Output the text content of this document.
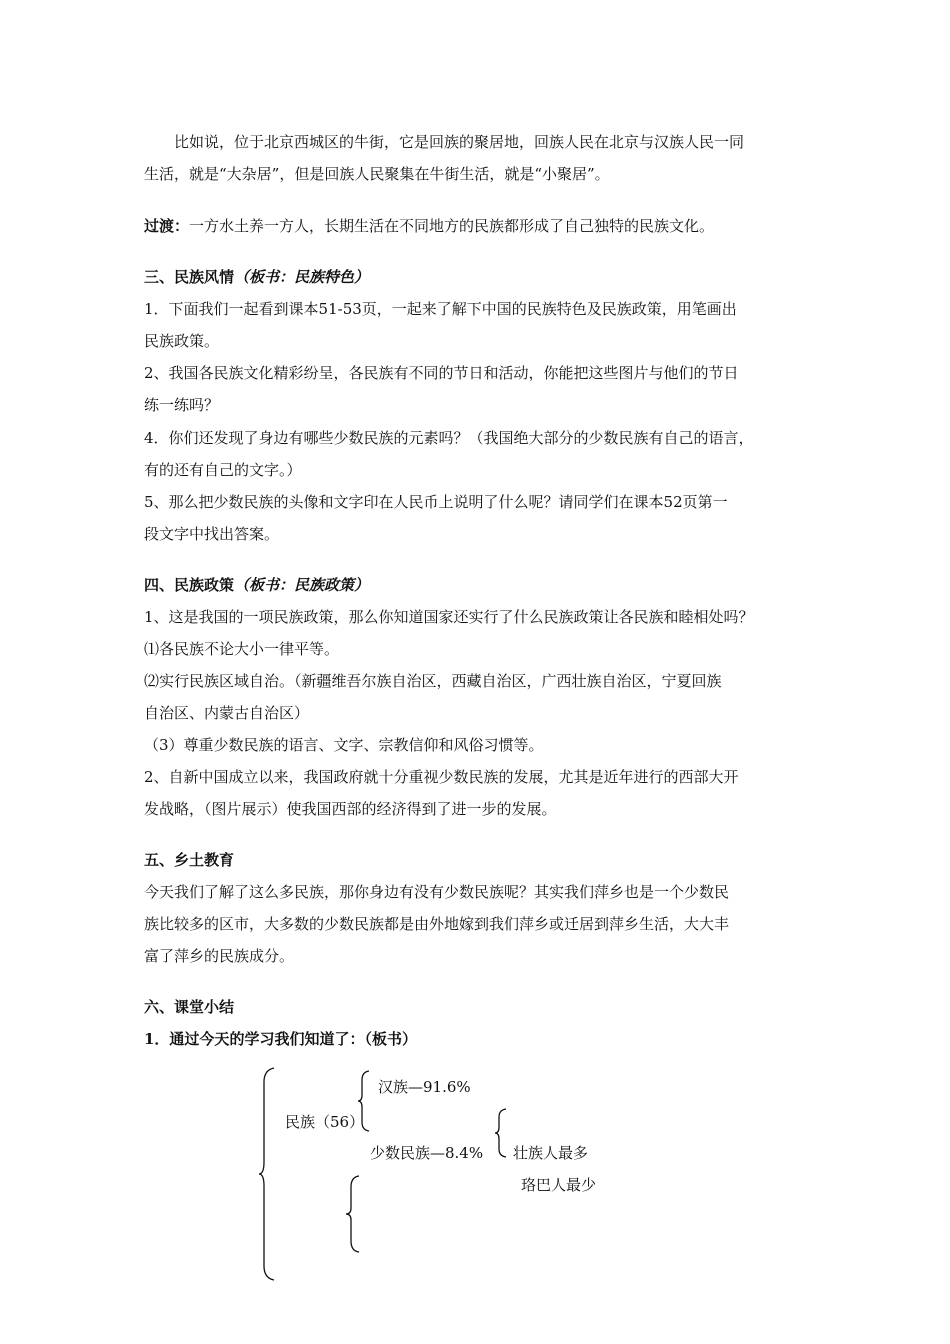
　　比如说，位于北京西城区的牛街，它是回族的聚居地，回族人民在北京与汉族人民一同

生活，就是“大杂居”，但是回族人民聚集在牛街生活，就是“小聚居”。

过渡：一方水土养一方人，长期生活在不同地方的民族都形成了自己独特的民族文化。

三、民族风情（板书：民族特色）

1．下面我们一起看到课本51-53页，一起来了解下中国的民族特色及民族政策，用笔画出

民族政策。

2、我国各民族文化精彩纷呈，各民族有不同的节日和活动，你能把这些图片与他们的节日

练一练吗？

4．你们还发现了身边有哪些少数民族的元素吗？（我国绝大部分的少数民族有自己的语言，

有的还有自己的文字。）

5、那么把少数民族的头像和文字印在人民币上说明了什么呢？请同学们在课本52页第一

段文字中找出答案。

四、民族政策（板书：民族政策）

1、这是我国的一项民族政策，那么你知道国家还实行了什么民族政策让各民族和睦相处吗？

⑴各民族不论大小一律平等。

⑵实行民族区域自治。（新疆维吾尔族自治区，西藏自治区，广西壮族自治区，宁夏回族

自治区、内蒙古自治区）

（3）尊重少数民族的语言、文字、宗教信仰和风俗习惯等。

2、自新中国成立以来，我国政府就十分重视少数民族的发展，尤其是近年进行的西部大开

发战略，（图片展示）使我国西部的经济得到了进一步的发展。

五、乡土教育

今天我们了解了这么多民族，那你身边有没有少数民族呢？其实我们萍乡也是一个少数民

族比较多的区市，大多数的少数民族都是由外地嫁到我们萍乡或迁居到萍乡生活，大大丰

富了萍乡的民族成分。

六、课堂小结

1．通过今天的学习我们知道了：（板书）

民族（56）
汉族—91.6%
少数民族—8.4% 壮族人最多
珞巴人最少
